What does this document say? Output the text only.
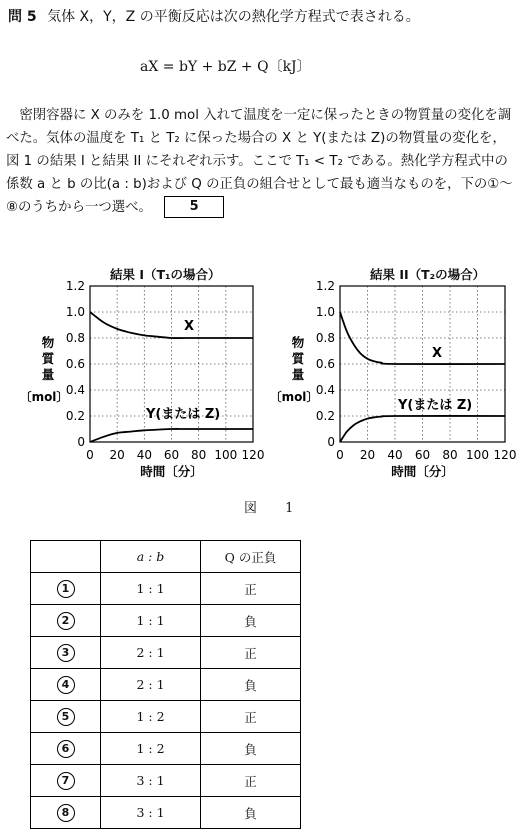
問 5 気体 X，Y，Z の平衡反応は次の熱化学方程式で表される。
aX = bY + bZ + Q〔kJ〕
密閉容器に X のみを 1.0 mol 入れて温度を一定に保ったときの物質量の変化を調べた。気体の温度を T₁ と T₂ に保った場合の X と Y(または Z)の物質量の変化を，図 1 の結果 I と結果 II にそれぞれ示す。ここで T₁ < T₂ である。熱化学方程式中の係数 a と b の比(a : b)および Q の正負の組合せとして最も適当なものを，下の①～⑧のうちから一つ選べ。	5
結果 I（T₁の場合）	結果 II（T₂の場合）
0 20 40 60 80 100 120
0
0.2
0.4
0.6
0.8
1.0
1.2
X
Y(または Z)
時間〔分〕
物
質
量
〔mol〕
0 20 40 60 80 100 120
0
0.2
0.4
0.6
0.8
1.0
1.2
X
Y(または Z)
時間〔分〕
物
質
量
〔mol〕
図 1
	a : b	Q の正負
1	1 : 1	正
2	1 : 1	負
3	2 : 1	正
4	2 : 1	負
5	1 : 2	正
6	1 : 2	負
7	3 : 1	正
8	3 : 1	負
